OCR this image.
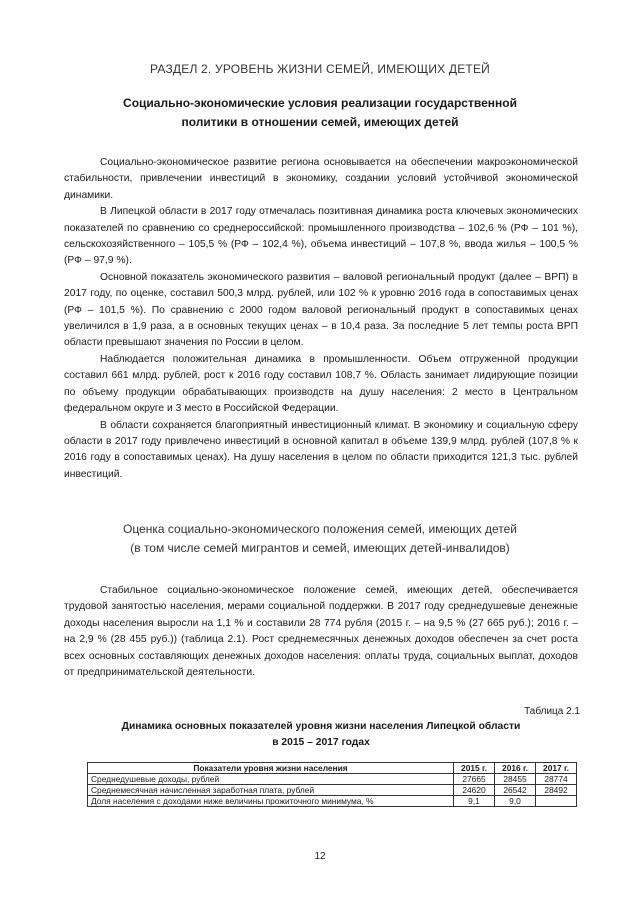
РАЗДЕЛ 2. УРОВЕНЬ ЖИЗНИ СЕМЕЙ, ИМЕЮЩИХ ДЕТЕЙ
Социально-экономические условия реализации государственной
политики в отношении семей, имеющих детей

Социально-экономическое развитие региона основывается на обеспечении макроэкономической стабильности, привлечении инвестиций в экономику, создании условий устойчивой экономической динамики.

В Липецкой области в 2017 году отмечалась позитивная динамика роста ключевых экономических показателей по сравнению со среднероссийской: промышленного производства – 102,6 % (РФ – 101 %), сельскохозяйственного – 105,5 % (РФ – 102,4 %), объема инвестиций – 107,8 %, ввода жилья – 100,5 % (РФ – 97,9 %).

Основной показатель экономического развития – валовой региональный продукт (далее – ВРП) в 2017 году, по оценке, составил 500,3 млрд. рублей, или 102 % к уровню 2016 года в сопоставимых ценах (РФ – 101,5 %). По сравнению с 2000 годом валовой региональный продукт в сопоставимых ценах увеличился в 1,9 раза, а в основных текущих ценах – в 10,4 раза. За последние 5 лет темпы роста ВРП области превышают значения по России в целом.

Наблюдается положительная динамика в промышленности. Объем отгруженной продукции составил 661 млрд. рублей, рост к 2016 году составил 108,7 %. Область занимает лидирующие позиции по объему продукции обрабатывающих производств на душу населения: 2 место в Центральном федеральном округе и 3 место в Российской Федерации.

В области сохраняется благоприятный инвестиционный климат. В экономику и социальную сферу области в 2017 году привлечено инвестиций в основной капитал в объеме 139,9 млрд. рублей (107,8 % к 2016 году в сопоставимых ценах). На душу населения в целом по области приходится 121,3 тыс. рублей инвестиций.

Оценка социально-экономического положения семей, имеющих детей
(в том числе семей мигрантов и семей, имеющих детей-инвалидов)

Стабильное социально-экономическое положение семей, имеющих детей, обеспечивается трудовой занятостью населения, мерами социальной поддержки. В 2017 году среднедушевые денежные доходы населения выросли на 1,1 % и составили 28 774 рубля (2015 г. – на 9,5 % (27 665 руб.); 2016 г. – на 2,9 % (28 455 руб.)) (таблица 2.1). Рост среднемесячных денежных доходов обеспечен за счет роста всех основных составляющих денежных доходов населения: оплаты труда, социальных выплат, доходов от предпринимательской деятельности.

Таблица 2.1
Динамика основных показателей уровня жизни населения Липецкой области
в 2015 – 2017 годах
Показатели уровня жизни населения	2015 г.	2016 г.	2017 г.
Среднедушевые доходы, рублей	27665	28455	28774
Среднемесячная начисленная заработная плата, рублей	24620	26542	28492
Доля населения с доходами ниже величины прожиточного минимума, %	9,1	9,0	
12
